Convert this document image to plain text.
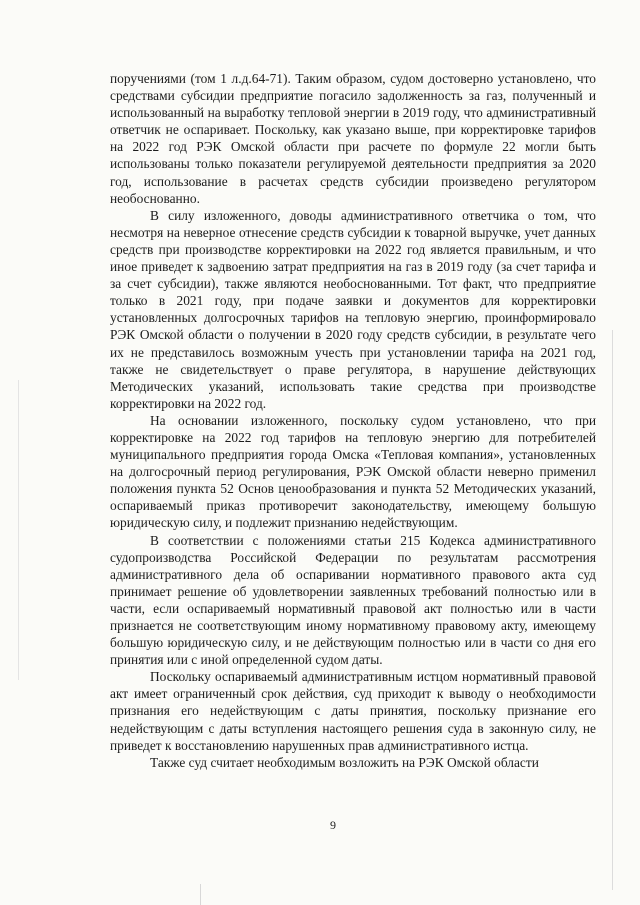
поручениями (том 1 л.д.64-71). Таким образом, судом достоверно установлено, что средствами субсидии предприятие погасило задолженность за газ, полученный и использованный на выработку тепловой энергии в 2019 году, что административный ответчик не оспаривает. Поскольку, как указано выше, при корректировке тарифов на 2022 год РЭК Омской области при расчете по формуле 22 могли быть использованы только показатели регулируемой деятельности предприятия за 2020 год, использование в расчетах средств субсидии произведено регулятором необоснованно.

В силу изложенного, доводы административного ответчика о том, что несмотря на неверное отнесение средств субсидии к товарной выручке, учет данных средств при производстве корректировки на 2022 год является правильным, и что иное приведет к задвоению затрат предприятия на газ в 2019 году (за счет тарифа и за счет субсидии), также являются необоснованными. Тот факт, что предприятие только в 2021 году, при подаче заявки и документов для корректировки установленных долгосрочных тарифов на тепловую энергию, проинформировало РЭК Омской области о получении в 2020 году средств субсидии, в результате чего их не представилось возможным учесть при установлении тарифа на 2021 год, также не свидетельствует о праве регулятора, в нарушение действующих Методических указаний, использовать такие средства при производстве корректировки на 2022 год.

На основании изложенного, поскольку судом установлено, что при корректировке на 2022 год тарифов на тепловую энергию для потребителей муниципального предприятия города Омска «Тепловая компания», установленных на долгосрочный период регулирования, РЭК Омской области неверно применил положения пункта 52 Основ ценообразования и пункта 52 Методических указаний, оспариваемый приказ противоречит законодательству, имеющему большую юридическую силу, и подлежит признанию недействующим.

В соответствии с положениями статьи 215 Кодекса административного судопроизводства Российской Федерации по результатам рассмотрения административного дела об оспаривании нормативного правового акта суд принимает решение об удовлетворении заявленных требований полностью или в части, если оспариваемый нормативный правовой акт полностью или в части признается не соответствующим иному нормативному правовому акту, имеющему большую юридическую силу, и не действующим полностью или в части со дня его принятия или с иной определенной судом даты.

Поскольку оспариваемый административным истцом нормативный правовой акт имеет ограниченный срок действия, суд приходит к выводу о необходимости признания его недействующим с даты принятия, поскольку признание его недействующим с даты вступления настоящего решения суда в законную силу, не приведет к восстановлению нарушенных прав административного истца.

Также суд считает необходимым возложить на РЭК Омской области

9
